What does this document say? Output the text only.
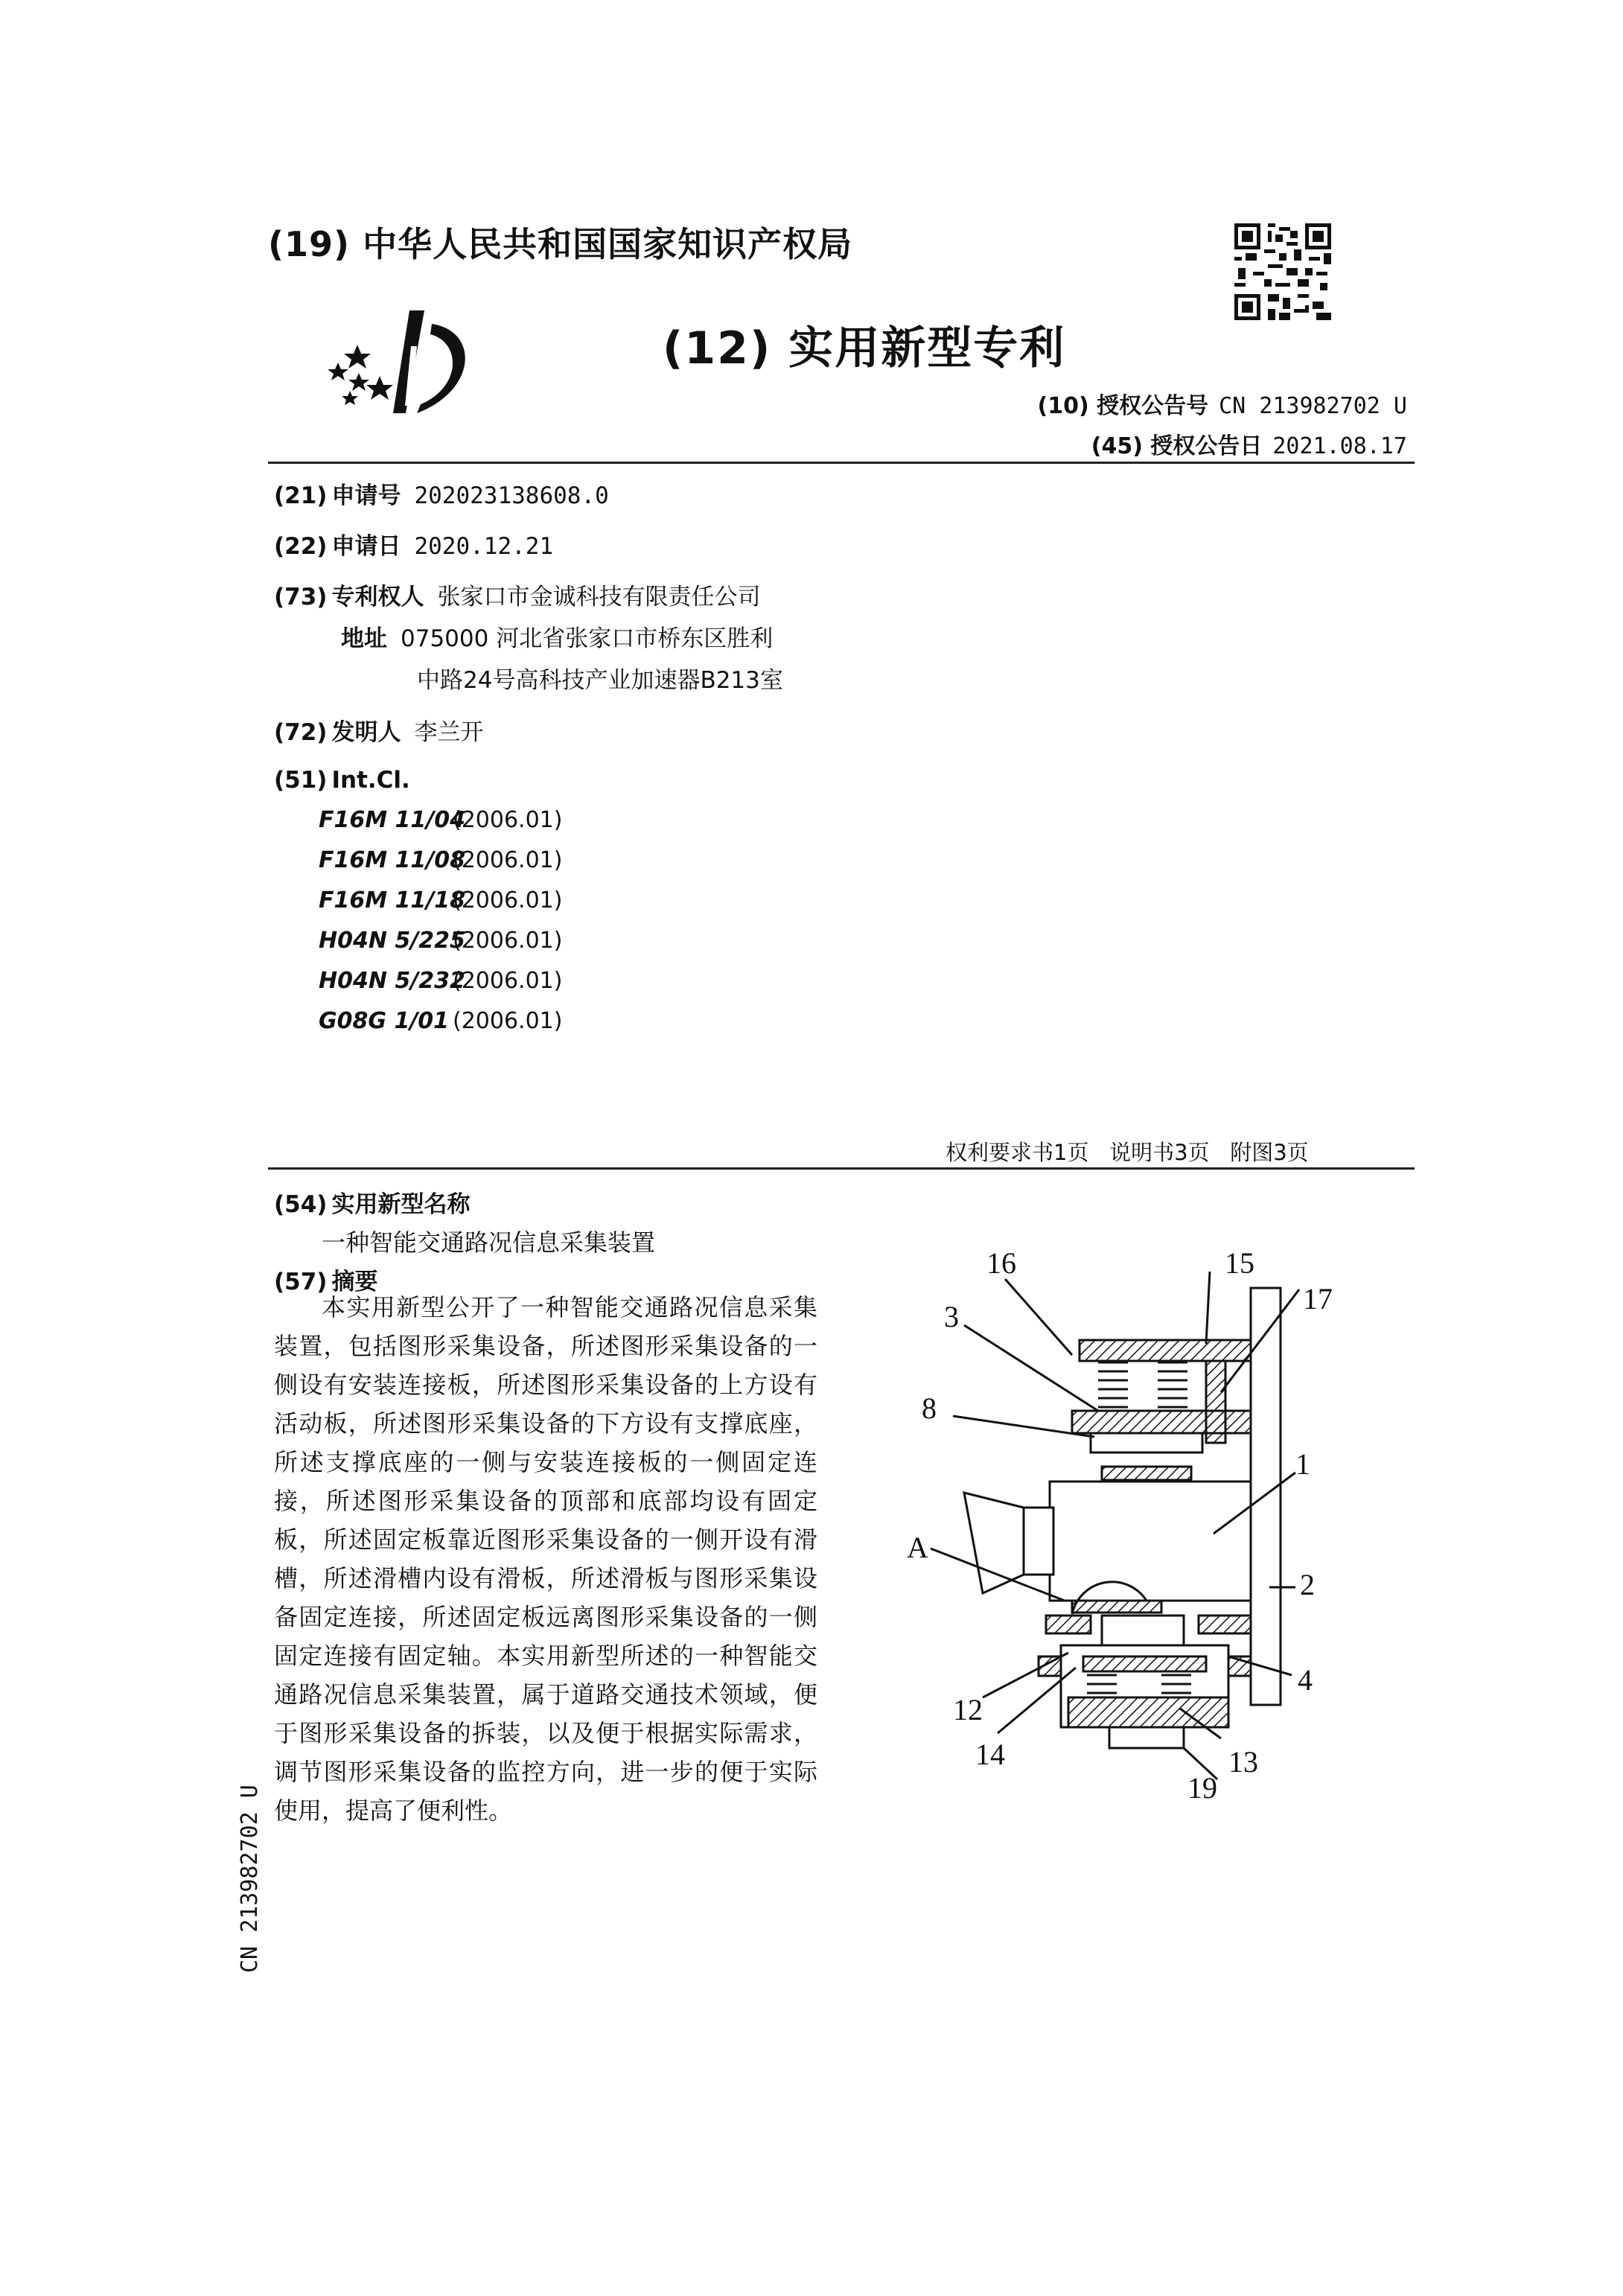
(19) 中华人民共和国国家知识产权局
(12) 实用新型专利
(10) 授权公告号 CN 213982702 U
(45) 授权公告日 2021.08.17
(21) 申请号 202023138608.0
(22) 申请日 2020.12.21
(73) 专利权人 张家口市金诚科技有限责任公司
地址 075000 河北省张家口市桥东区胜利
中路24号高科技产业加速器B213室
(72) 发明人 李兰开
(51) Int.Cl.
F16M 11/04(2006.01)
F16M 11/08(2006.01)
F16M 11/18(2006.01)
H04N 5/225(2006.01)
H04N 5/232(2006.01)
G08G 1/01 (2006.01)
权利要求书1页   说明书3页   附图3页
(54) 实用新型名称
一种智能交通路况信息采集装置
(57) 摘要

本实用新型公开了一种智能交通路况信息采集装置，包括图形采集设备，所述图形采集设备的一侧设有安装连接板，所述图形采集设备的上方设有活动板，所述图形采集设备的下方设有支撑底座，所述支撑底座的一侧与安装连接板的一侧固定连接，所述图形采集设备的顶部和底部均设有固定板，所述固定板靠近图形采集设备的一侧开设有滑槽，所述滑槽内设有滑板，所述滑板与图形采集设备固定连接，所述固定板远离图形采集设备的一侧固定连接有固定轴。本实用新型所述的一种智能交通路况信息采集装置，属于道路交通技术领域，便于图形采集设备的拆装，以及便于根据实际需求，调节图形采集设备的监控方向，进一步的便于实际使用，提高了便利性。

CN 213982702 U
16	15
17
3
8
1
A
2
4
12
14	13
19
